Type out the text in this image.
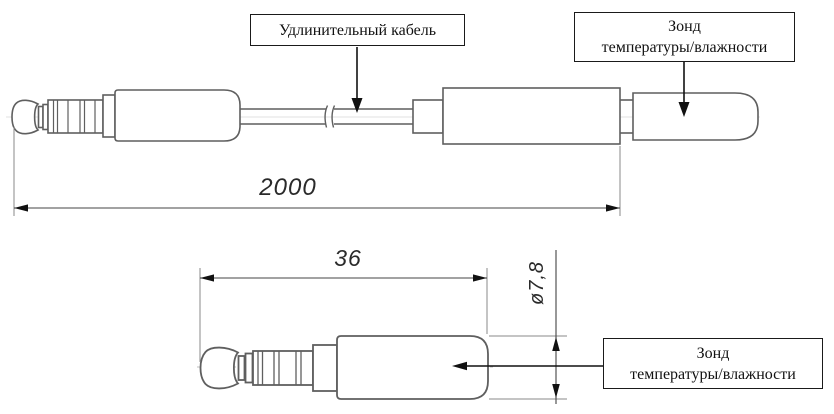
Удлинительный кабель	Зонд
температуры/влажности
Зонд
температуры/влажности
2000
36
ø7,8
